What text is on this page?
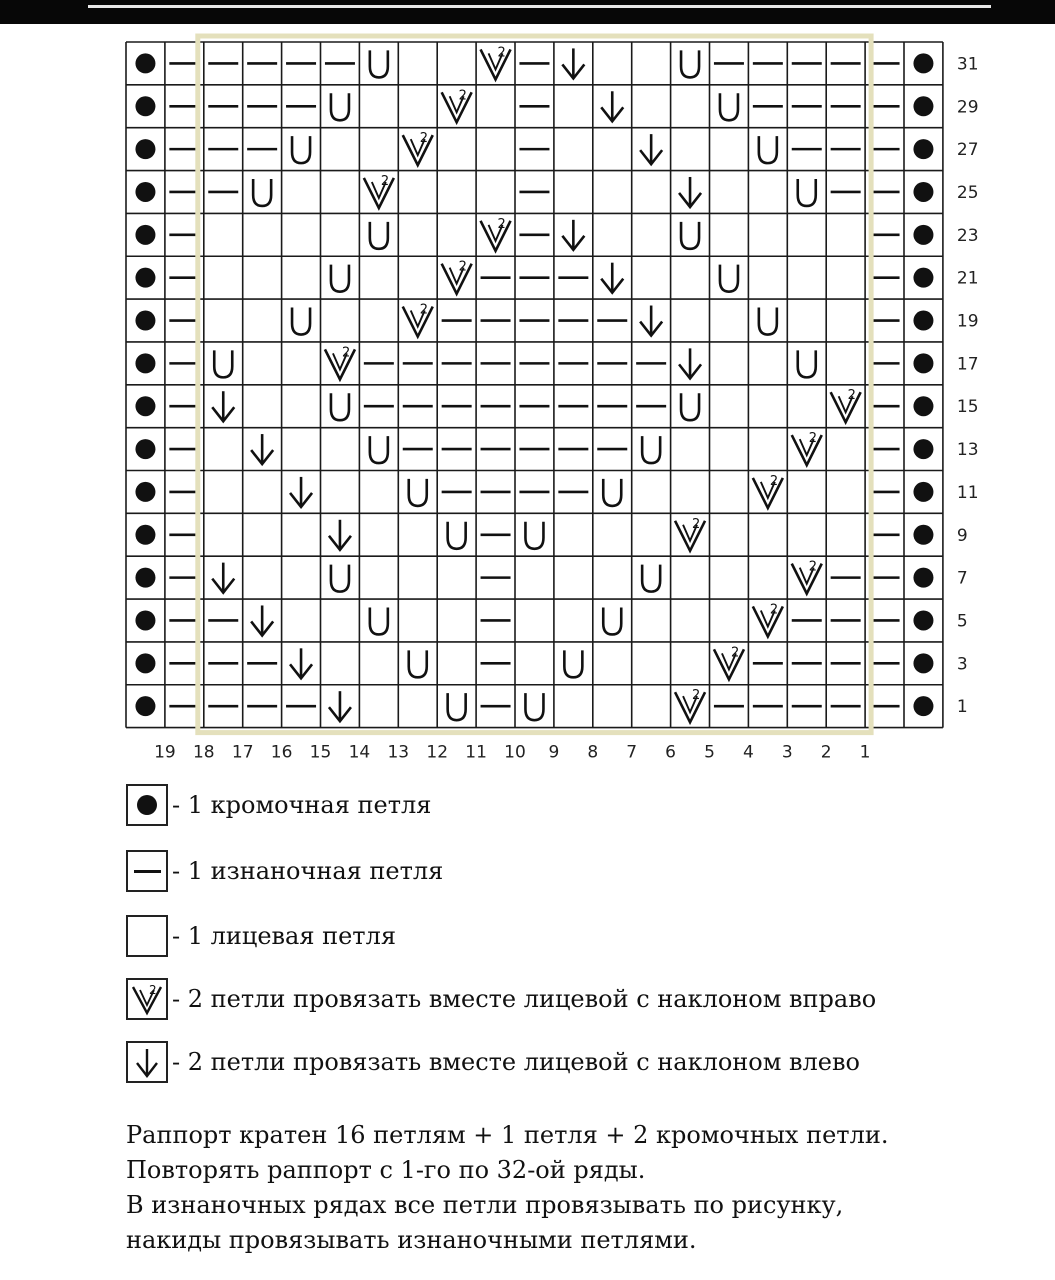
2
2
2
2
2
2
2
2
2
2
2
2
2
2
2
2
19 18 17 16 15 14 13 12 11 10 9 8 7 6 5 4 3 2 1
31
29
27
25
23
21
19
17
15
13
11
9
7
5
3
1
- 1 кромочная петля
- 1 изнаночная петля
- 1 лицевая петля
2 - 2 петли провязать вместе лицевой с наклоном вправо
- 2 петли провязать вместе лицевой с наклоном влево
Раппорт кратен 16 петлям + 1 петля + 2 кромочных петли.
Повторять раппорт с 1-го по 32-ой ряды.
В изнаночных рядах все петли провязывать по рисунку,
накиды провязывать изнаночными петлями.
